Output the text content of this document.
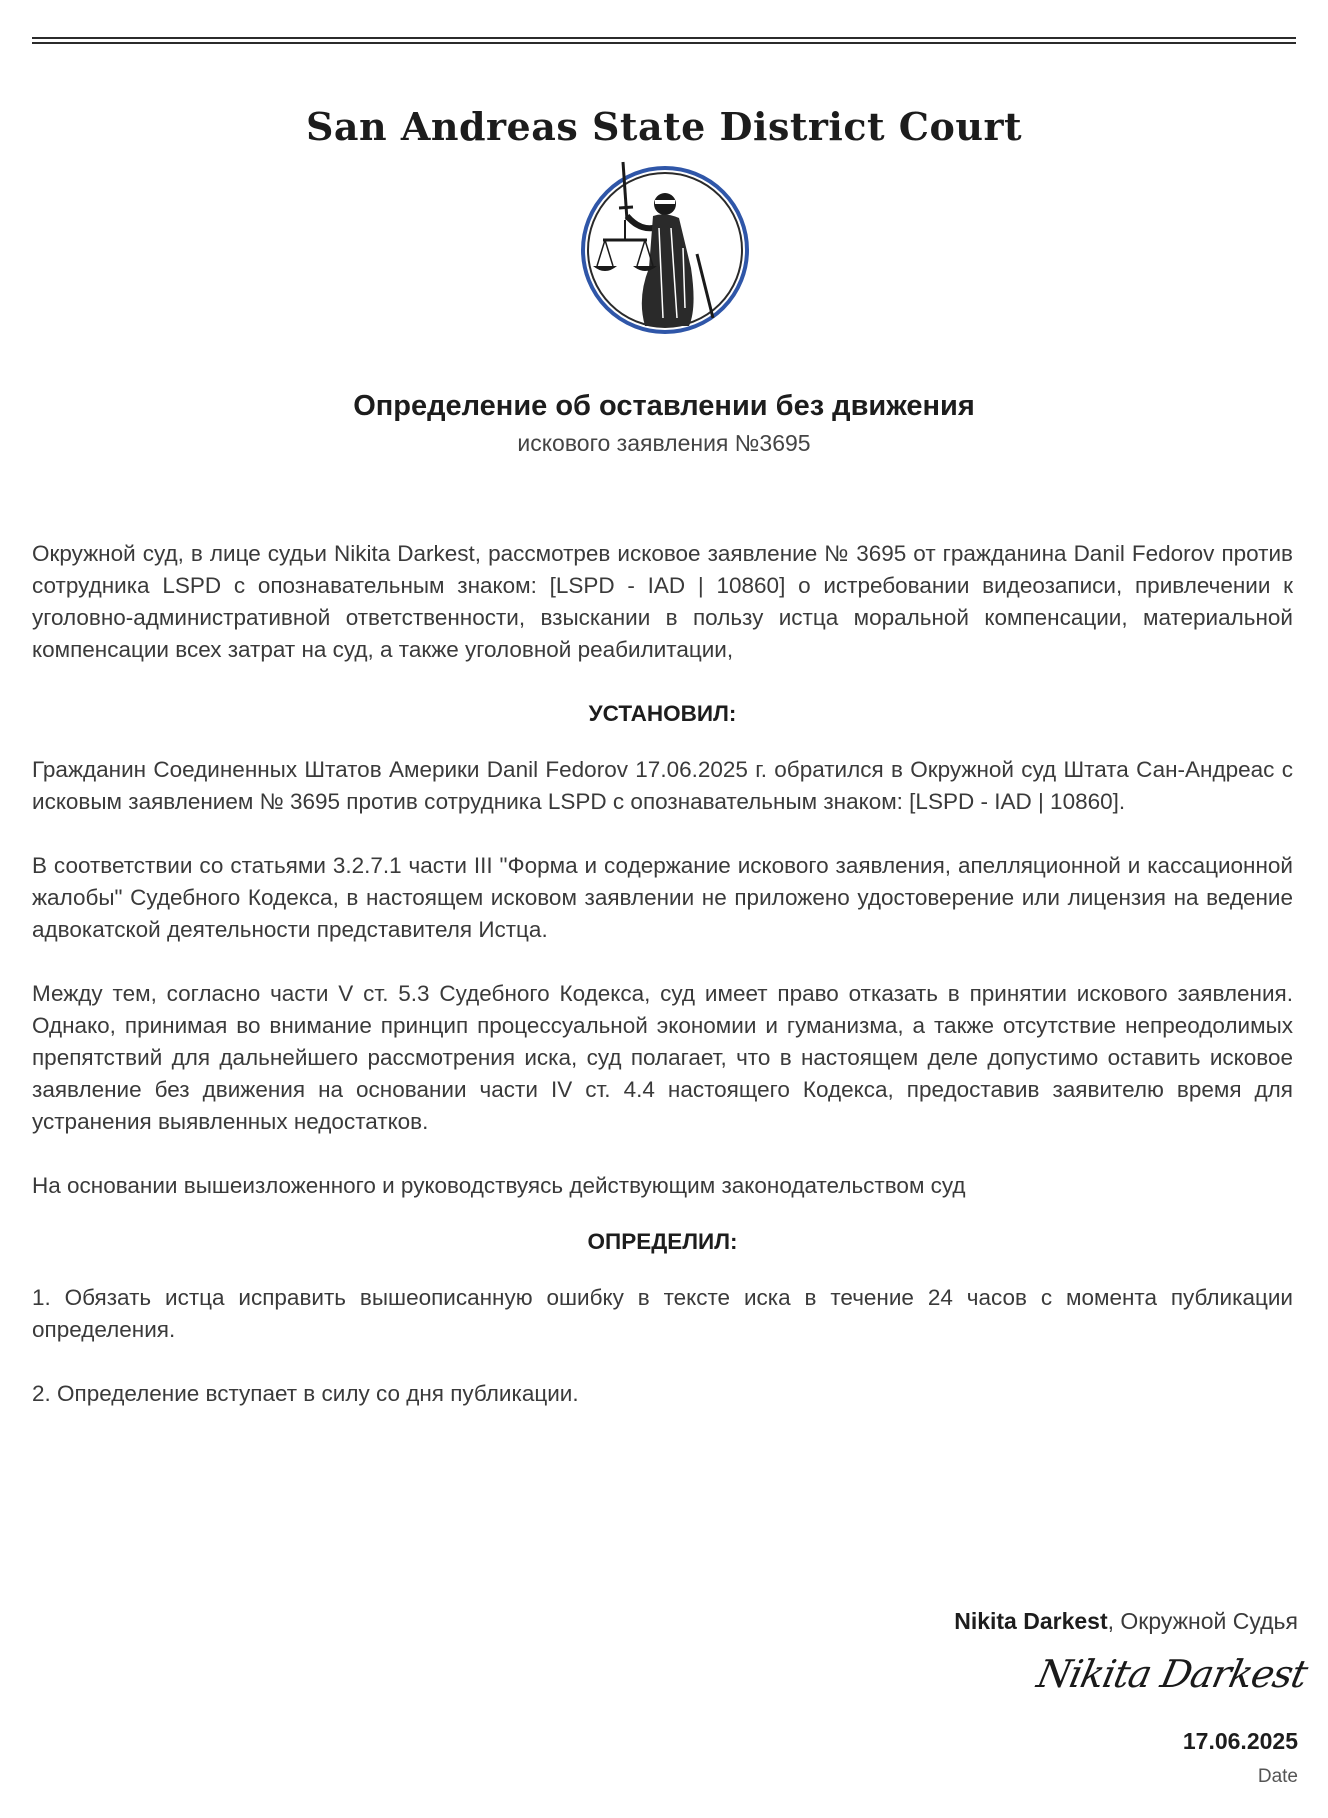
San Andreas State District Court
Определение об оставлении без движения
искового заявления №3695

Окружной суд, в лице судьи Nikita Darkest, рассмотрев исковое заявление № 3695 от гражданина Danil Fedorov против сотрудника LSPD с опознавательным знаком: [LSPD - IAD | 10860] о истребовании видеозаписи, привлечении к уголовно-административной ответственности, взыскании в пользу истца моральной компенсации, материальной компенсации всех затрат на суд, а также уголовной реабилитации,

УСТАНОВИЛ:

Гражданин Соединенных Штатов Америки Danil Fedorov 17.06.2025 г. обратился в Окружной суд Штата Сан-Андреас с исковым заявлением № 3695 против сотрудника LSPD с опознавательным знаком: [LSPD - IAD | 10860].

В соответствии со статьями 3.2.7.1 части III "Форма и содержание искового заявления, апелляционной и кассационной жалобы" Судебного Кодекса, в настоящем исковом заявлении не приложено удостоверение или лицензия на ведение адвокатской деятельности представителя Истца.

Между тем, согласно части V ст. 5.3 Судебного Кодекса, суд имеет право отказать в принятии искового заявления. Однако, принимая во внимание принцип процессуальной экономии и гуманизма, а также отсутствие непреодолимых препятствий для дальнейшего рассмотрения иска, суд полагает, что в настоящем деле допустимо оставить исковое заявление без движения на основании части IV ст. 4.4 настоящего Кодекса, предоставив заявителю время для устранения выявленных недостатков.

На основании вышеизложенного и руководствуясь действующим законодательством суд

ОПРЕДЕЛИЛ:

1. Обязать истца исправить вышеописанную ошибку в тексте иска в течение 24 часов с момента публикации определения.

2. Определение вступает в силу со дня публикации.

Nikita Darkest, Окружной Судья
Nikita Darkest
17.06.2025
Date
